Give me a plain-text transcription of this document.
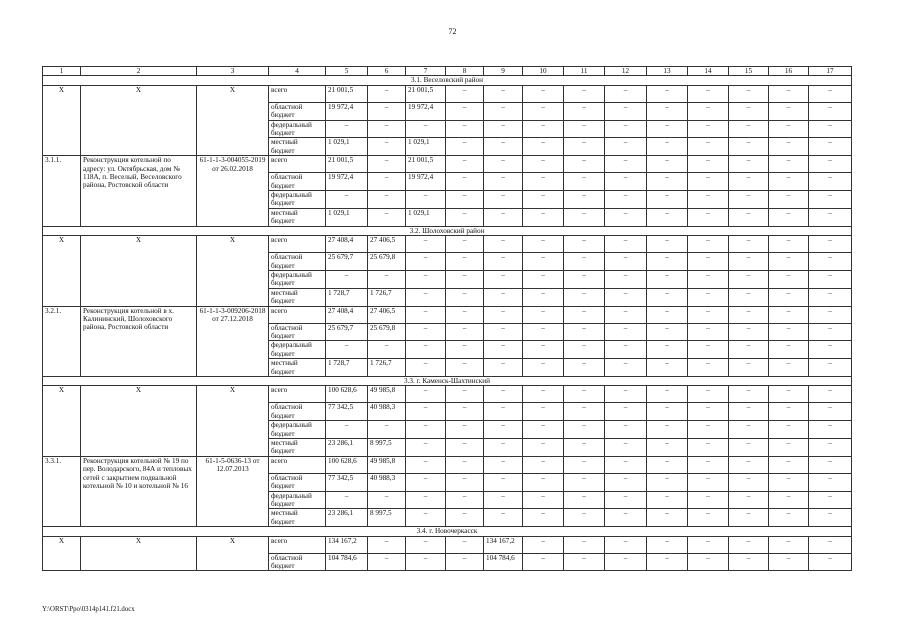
72
1	2	3	4	5	6	7	8	9	10	11	12	13	14	15	16	17
3.1. Веселовский район																
X	X	X	всего	21 001,5	–	21 001,5	–	–	–	–	–	–	–	–	–	–
			областной бюджет	19 972,4	–	19 972,4	–	–	–	–	–	–	–	–	–	–
			федеральный бюджет	–	–	–	–	–	–	–	–	–	–	–	–	–
			местный бюджет	1 029,1	–	1 029,1	–	–	–	–	–	–	–	–	–	–
3.1.1.	Реконструкция котельной по адресу: ул. Октябрьская, дом № 118А, п. Веселый, Веселовского района, Ростовской области	61-1-1-3-004055-2019 от 26.02.2018	всего	21 001,5	–	21 001,5	–	–	–	–	–	–	–	–	–	–
			областной бюджет	19 972,4	–	19 972,4	–	–	–	–	–	–	–	–	–	–
			федеральный бюджет	–	–	–	–	–	–	–	–	–	–	–	–	–
			местный бюджет	1 029,1	–	1 029,1	–	–	–	–	–	–	–	–	–	–
3.2. Шолоховский район																
X	X	X	всего	27 408,4	27 406,5	–	–	–	–	–	–	–	–	–	–	–
			областной бюджет	25 679,7	25 679,8	–	–	–	–	–	–	–	–	–	–	–
			федеральный бюджет	–	–	–	–	–	–	–	–	–	–	–	–	–
			местный бюджет	1 728,7	1 726,7	–	–	–	–	–	–	–	–	–	–	–
3.2.1.	Реконструкция котельной в х. Калининский, Шолоховского района, Ростовской области	61-1-1-3-009206-2018 от 27.12.2018	всего	27 408,4	27 406,5	–	–	–	–	–	–	–	–	–	–	–
			областной бюджет	25 679,7	25 679,8	–	–	–	–	–	–	–	–	–	–	–
			федеральный бюджет	–	–	–	–	–	–	–	–	–	–	–	–	–
			местный бюджет	1 728,7	1 726,7	–	–	–	–	–	–	–	–	–	–	–
3.3. г. Каменск-Шахтинский																
X	X	X	всего	100 628,6	49 985,8	–	–	–	–	–	–	–	–	–	–	–
			областной бюджет	77 342,5	40 988,3	–	–	–	–	–	–	–	–	–	–	–
			федеральный бюджет	–	–	–	–	–	–	–	–	–	–	–	–	–
			местный бюджет	23 286,1	8 997,5	–	–	–	–	–	–	–	–	–	–	–
3.3.1.	Реконструкция котельной № 19 по пер. Володарского, 84А и тепловых сетей с закрытием подвальной котельной № 10 и котельной № 16	61-1-5-0636-13 от 12.07.2013	всего	100 628,6	49 985,8	–	–	–	–	–	–	–	–	–	–	–
			областной бюджет	77 342,5	40 988,3	–	–	–	–	–	–	–	–	–	–	–
			федеральный бюджет	–	–	–	–	–	–	–	–	–	–	–	–	–
			местный бюджет	23 286,1	8 997,5	–	–	–	–	–	–	–	–	–	–	–
3.4. г. Новочеркасск																
X	X	X	всего	134 167,2	–	–	–	134 167,2	–	–	–	–	–	–	–	–
			областной бюджет	104 784,6	–	–	–	104 784,6	–	–	–	–	–	–	–	–
Y:\ORST\Ppo\0314p141.f21.docx
